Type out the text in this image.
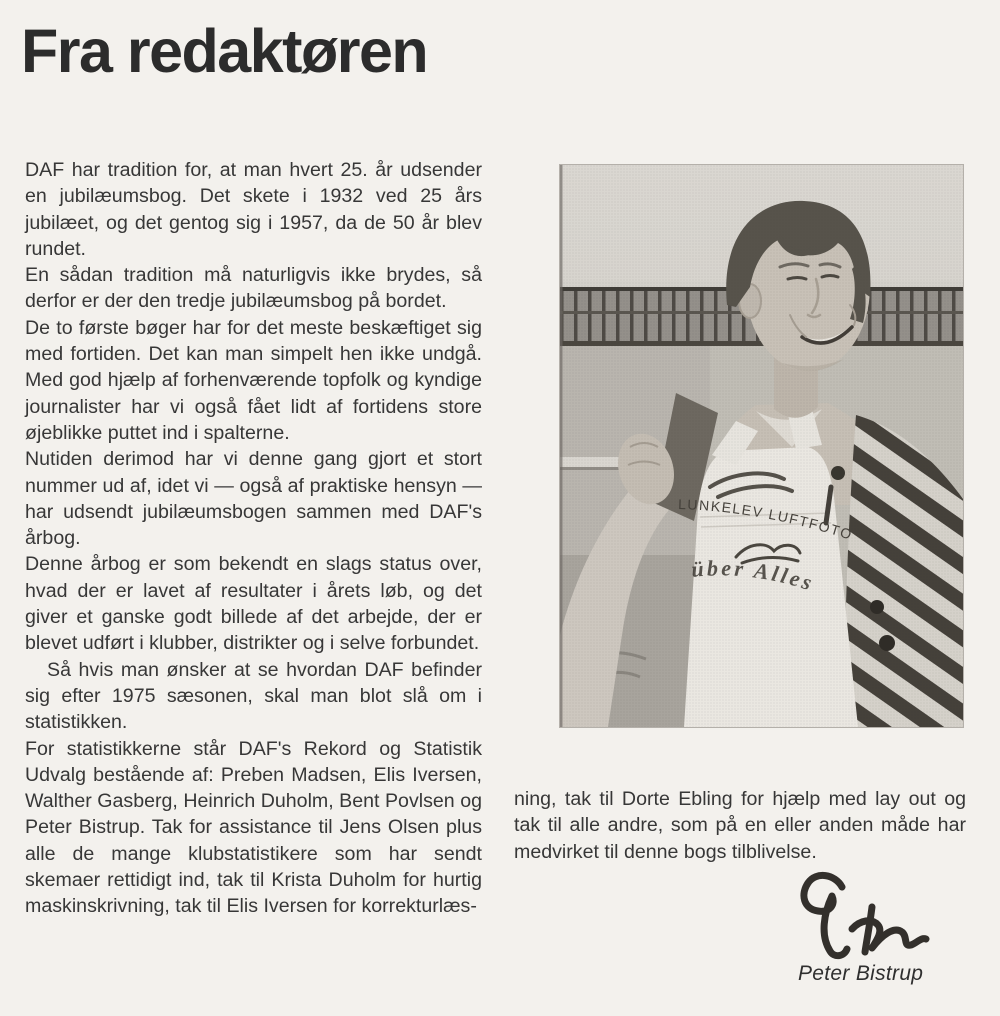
Fra redaktøren

DAF har tradition for, at man hvert 25. år udsender en jubilæumsbog. Det skete i 1932 ved 25 års jubilæet, og det gentog sig i 1957, da de 50 år blev rundet.

En sådan tradition må naturligvis ikke brydes, så derfor er der den tredje jubilæumsbog på bordet.

De to første bøger har for det meste beskæftiget sig med fortiden. Det kan man simpelt hen ikke undgå. Med god hjælp af forhenværende topfolk og kyndige journalister har vi også fået lidt af fortidens store øjeblikke puttet ind i spalterne.

Nutiden derimod har vi denne gang gjort et stort nummer ud af, idet vi — også af praktiske hensyn — har udsendt jubilæumsbogen sammen med DAF's årbog.

Denne årbog er som bekendt en slags status over, hvad der er lavet af resultater i årets løb, og det giver et ganske godt billede af det arbejde, der er blevet udført i klubber, distrikter og i selve forbundet.

Så hvis man ønsker at se hvordan DAF befinder sig efter 1975 sæsonen, skal man blot slå om i statistikken.

For statistikkerne står DAF's Rekord og Statistik Udvalg bestående af: Preben Madsen, Elis Iversen, Walther Gasberg, Heinrich Duholm, Bent Povlsen og Peter Bistrup. Tak for assistance til Jens Olsen plus alle de mange klubstatistikere som har sendt skemaer rettidigt ind, tak til Krista Duholm for hurtig maskinskrivning, tak til Elis Iversen for korrekturlæs-

ning, tak til Dorte Ebling for hjælp med lay out og tak til alle andre, som på en eller anden måde har medvirket til denne bogs tilblivelse.

Peter Bistrup
